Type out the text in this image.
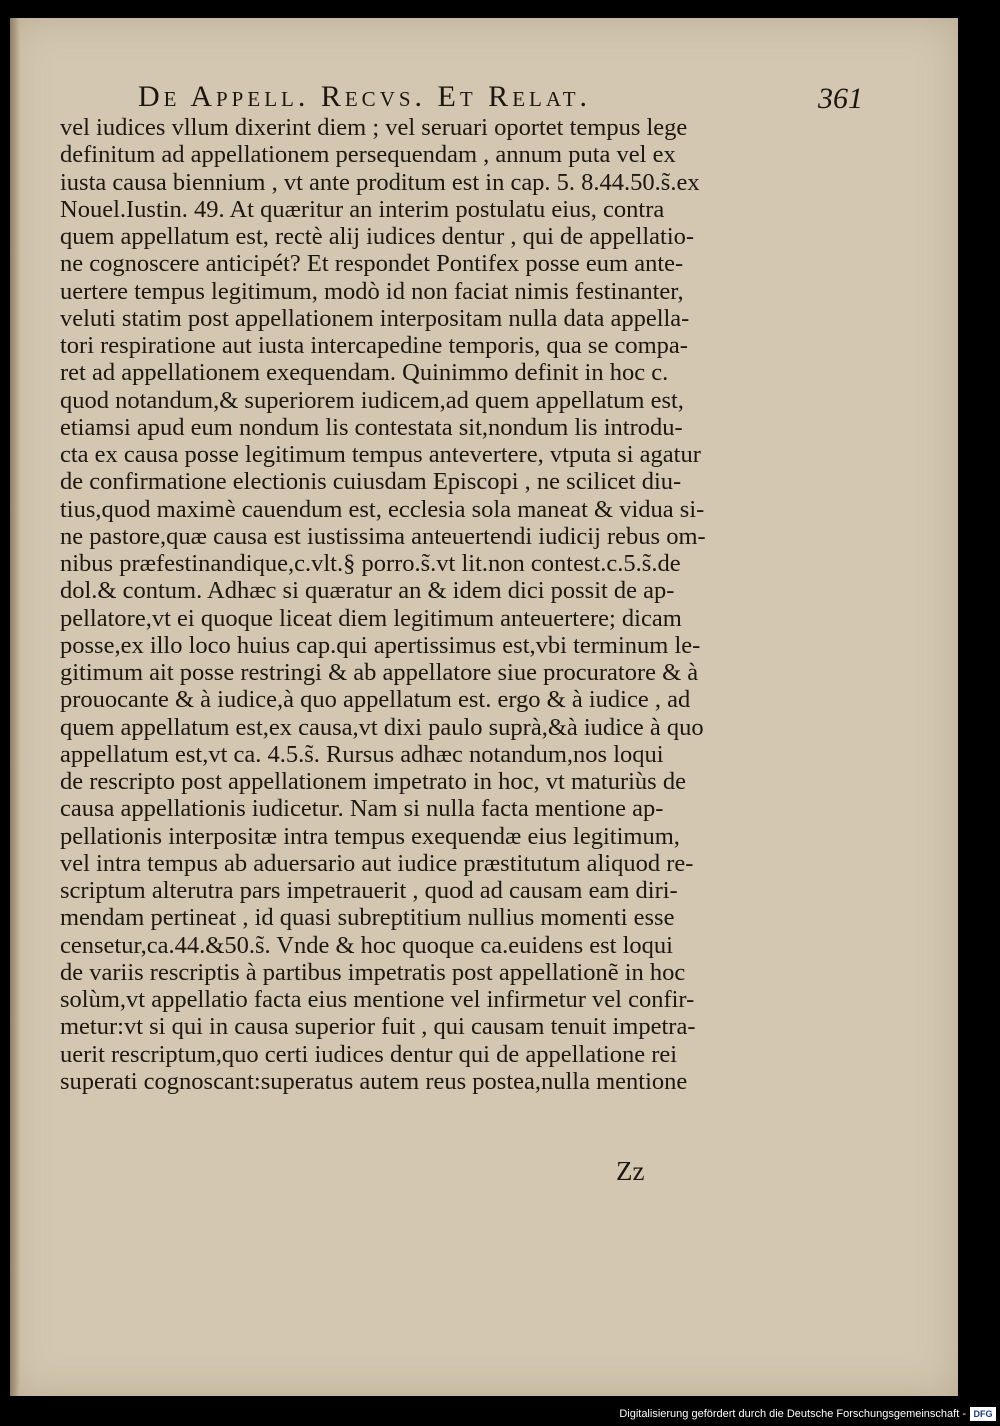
De Appell. Recvs. Et Relat.	361
vel iudices vllum dixerint diem ; vel seruari oportet tempus lege
definitum ad appellationem persequendam , annum puta vel ex
iusta causa biennium , vt ante proditum est in cap. 5. 8.44.50.s̃.ex
Nouel.Iustin. 49. At quæritur an interim postulatu eius, contra
quem appellatum est, rectè alij iudices dentur , qui de appellatio-
ne cognoscere anticipét? Et respondet Pontifex posse eum ante-
uertere tempus legitimum, modò id non faciat nimis festinanter,
veluti statim post appellationem interpositam nulla data appella-
tori respiratione aut iusta intercapedine temporis, qua se compa-
ret ad appellationem exequendam. Quinimmo definit in hoc c.
quod notandum,& superiorem iudicem,ad quem appellatum est,
etiamsi apud eum nondum lis contestata sit,nondum lis introdu-
cta ex causa posse legitimum tempus antevertere, vtputa si agatur
de confirmatione electionis cuiusdam Episcopi , ne scilicet diu-
tius,quod maximè cauendum est, ecclesia sola maneat & vidua si-
ne pastore,quæ causa est iustissima anteuertendi iudicij rebus om-
nibus præfestinandique,c.vlt.§ porro.s̃.vt lit.non contest.c.5.s̃.de
dol.& contum. Adhæc si quæratur an & idem dici possit de ap-
pellatore,vt ei quoque liceat diem legitimum anteuertere; dicam
posse,ex illo loco huius cap.qui apertissimus est,vbi terminum le-
gitimum ait posse restringi & ab appellatore siue procuratore & à
prouocante & à iudice,à quo appellatum est. ergo & à iudice , ad
quem appellatum est,ex causa,vt dixi paulo suprà,&à iudice à quo
appellatum est,vt ca. 4.5.s̃. Rursus adhæc notandum,nos loqui
de rescripto post appellationem impetrato in hoc, vt maturiùs de
causa appellationis iudicetur. Nam si nulla facta mentione ap-
pellationis interpositæ intra tempus exequendæ eius legitimum,
vel intra tempus ab aduersario aut iudice præstitutum aliquod re-
scriptum alterutra pars impetrauerit , quod ad causam eam diri-
mendam pertineat , id quasi subreptitium nullius momenti esse
censetur,ca.44.&50.s̃. Vnde & hoc quoque ca.euidens est loqui
de variis rescriptis à partibus impetratis post appellationẽ in hoc
solùm,vt appellatio facta eius mentione vel infirmetur vel confir-
metur:vt si qui in causa superior fuit , qui causam tenuit impetra-
uerit rescriptum,quo certi iudices dentur qui de appellatione rei
superati cognoscant:superatus autem reus postea,nulla mentione
Zz
Digitalisierung gefördert durch die Deutsche Forschungsgemeinschaft - DFG
